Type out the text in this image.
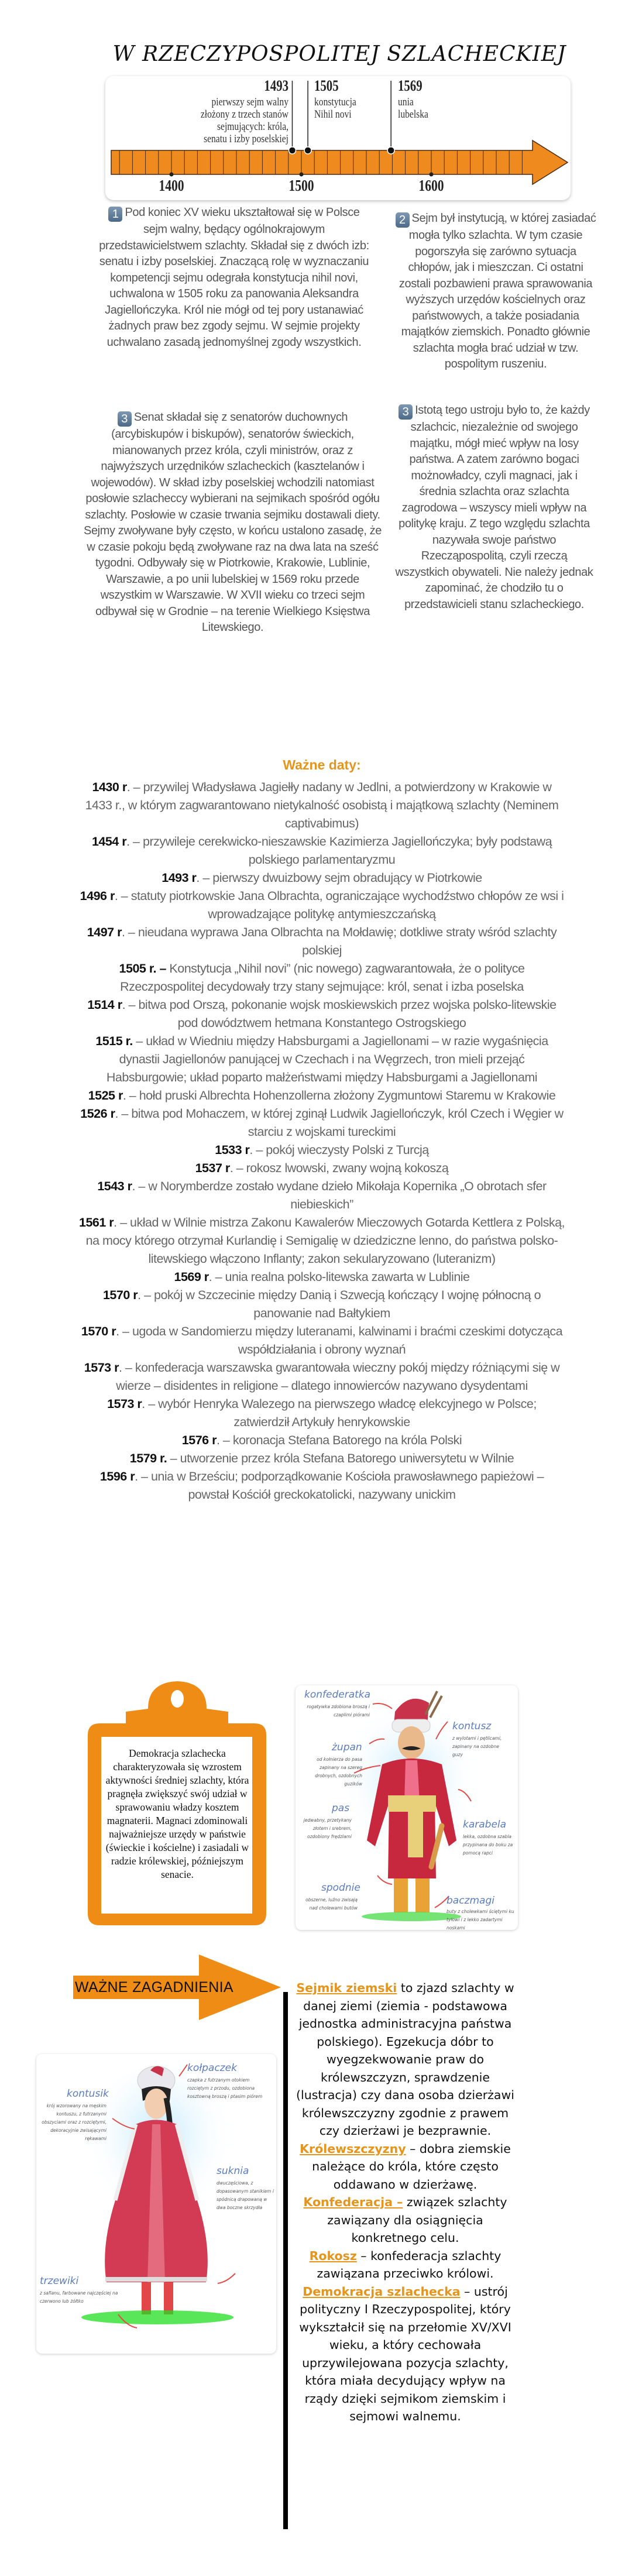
W RZECZYPOSPOLITEJ SZLACHECKIEJ
1493
pierwszy sejm walny
złożony z trzech stanów
sejmujących: króla,
senatu i izby poselskiej
1505
konstytucja
Nihil novi
1569
unia
lubelska
1400	1500	1600
1 Pod koniec XV wieku ukształtował się w Polsce sejm walny, będący ogólnokrajowym przedstawicielstwem szlachty. Składał się z dwóch izb: senatu i izby poselskiej. Znaczącą rolę w wyznaczaniu kompetencji sejmu odegrała konstytucja nihil novi, uchwalona w 1505 roku za panowania Aleksandra Jagiellończyka. Król nie mógł od tej pory ustanawiać żadnych praw bez zgody sejmu. W sejmie projekty uchwalano zasadą jednomyślnej zgody wszystkich.
2 Sejm był instytucją, w której zasiadać mogła tylko szlachta. W tym czasie pogorszyła się zarówno sytuacja chłopów, jak i mieszczan. Ci ostatni zostali pozbawieni prawa sprawowania wyższych urzędów kościelnych oraz państwowych, a także posiadania majątków ziemskich. Ponadto głównie szlachta mogła brać udział w tzw. pospolitym ruszeniu.
3 Senat składał się z senatorów duchownych (arcybiskupów i biskupów), senatorów świeckich, mianowanych przez króla, czyli ministrów, oraz z najwyższych urzędników szlacheckich (kasztelanów i wojewodów). W skład izby poselskiej wchodzili natomiast posłowie szlacheccy wybierani na sejmikach spośród ogółu szlachty. Posłowie w czasie trwania sejmiku dostawali diety. Sejmy zwoływane były często, w końcu ustalono zasadę, że w czasie pokoju będą zwoływane raz na dwa lata na sześć tygodni. Odbywały się w Piotrkowie, Krakowie, Lublinie, Warszawie, a po unii lubelskiej w 1569 roku przede wszystkim w Warszawie. W XVII wieku co trzeci sejm odbywał się w Grodnie – na terenie Wielkiego Księstwa Litewskiego.
3 Istotą tego ustroju było to, że każdy szlachcic, niezależnie od swojego majątku, mógł mieć wpływ na losy państwa. A zatem zarówno bogaci możnowładcy, czyli magnaci, jak i średnia szlachta oraz szlachta zagrodowa – wszyscy mieli wpływ na politykę kraju. Z tego względu szlachta nazywała swoje państwo Rzecząpospolitą, czyli rzeczą wszystkich obywateli. Nie należy jednak zapominać, że chodziło tu o przedstawicieli stanu szlacheckiego.
Ważne daty:
1430 r. – przywilej Władysława Jagiełły nadany w Jedlni, a potwierdzony w Krakowie w 1433 r., w którym zagwarantowano nietykalność osobistą i majątkową szlachty (Neminem captivabimus)
1454 r. – przywileje cerekwicko-nieszawskie Kazimierza Jagiellończyka; były podstawą polskiego parlamentaryzmu
1493 r. – pierwszy dwuizbowy sejm obradujący w Piotrkowie
1496 r. – statuty piotrkowskie Jana Olbrachta, ograniczające wychodźstwo chłopów ze wsi i wprowadzające politykę antymieszczańską
1497 r. – nieudana wyprawa Jana Olbrachta na Mołdawię; dotkliwe straty wśród szlachty polskiej
1505 r. – Konstytucja „Nihil novi” (nic nowego) zagwarantowała, że o polityce Rzeczpospolitej decydowały trzy stany sejmujące: król, senat i izba poselska
1514 r. – bitwa pod Orszą, pokonanie wojsk moskiewskich przez wojska polsko-litewskie pod dowództwem hetmana Konstantego Ostrogskiego
1515 r. – układ w Wiedniu między Habsburgami a Jagiellonami – w razie wygaśnięcia dynastii Jagiellonów panującej w Czechach i na Węgrzech, tron mieli przejąć Habsburgowie; układ poparto małżeństwami między Habsburgami a Jagiellonami
1525 r. – hołd pruski Albrechta Hohenzollerna złożony Zygmuntowi Staremu w Krakowie
1526 r. – bitwa pod Mohaczem, w której zginął Ludwik Jagiellończyk, król Czech i Węgier w starciu z wojskami tureckimi
1533 r. – pokój wieczysty Polski z Turcją
1537 r. – rokosz lwowski, zwany wojną kokoszą
1543 r. – w Norymberdze zostało wydane dzieło Mikołaja Kopernika „O obrotach sfer niebieskich”
1561 r. – układ w Wilnie mistrza Zakonu Kawalerów Mieczowych Gotarda Kettlera z Polską, na mocy którego otrzymał Kurlandię i Semigalię w dziedziczne lenno, do państwa polsko-litewskiego włączono Inflanty; zakon sekularyzowano (luteranizm)
1569 r. – unia realna polsko-litewska zawarta w Lublinie
1570 r. – pokój w Szczecinie między Danią i Szwecją kończący I wojnę północną o panowanie nad Bałtykiem
1570 r. – ugoda w Sandomierzu między luteranami, kalwinami i braćmi czeskimi dotycząca współdziałania i obrony wyznań
1573 r. – konfederacja warszawska gwarantowała wieczny pokój między różniącymi się w wierze – disidentes in religione – dlatego innowierców nazywano dysydentami
1573 r. – wybór Henryka Walezego na pierwszego władcę elekcyjnego w Polsce; zatwierdził Artykuły henrykowskie
1576 r. – koronacja Stefana Batorego na króla Polski
1579 r. – utworzenie przez króla Stefana Batorego uniwersytetu w Wilnie
1596 r. – unia w Brześciu; podporządkowanie Kościoła prawosławnego papieżowi – powstał Kościół greckokatolicki, nazywany unickim
Demokracja szlachecka charakteryzowała się wzrostem aktywności średniej szlachty, która pragnęła zwiększyć swój udział w sprawowaniu władzy kosztem magnaterii. Magnaci zdominowali najważniejsze urzędy w państwie (świeckie i kościelne) i zasiadali w radzie królewskiej, późniejszym senacie.
konfederatka
rogatywka zdobiona broszą i czaplimi piórami
kontusz
z wylotami i pętlicami, zapinany na ozdobne guzy
żupan
od kołnierza do pasa zapinany na szereg drobnych, ozdobnych guzików
pas
jedwabny, przetykany złotem i srebrem, ozdobiony frędzlami
karabela
lekka, ozdobna szabla przypinana do boku za pomocą rapci
spodnie
obszerne, luźno zwisają nad cholewami butów
baczmagi
buty z cholewkami ściętymi ku tyłowi i z lekko zadartymi noskami
WAŻNE ZAGADNIENIA
kołpaczek
czapka z futrzanym otokiem rozciętym z przodu, ozdobiona kosztowną broszą i ptasim piórem
kontusik
krój wzorowany na męskim kontuszu, z futrzanymi obszyciami oraz z rozciętymi, dekoracyjnie zwisającymi rękawami
suknia
dwuczęściowa, z dopasowanym stanikiem i spódnicą drapowaną w dwa boczne skrzydła
trzewiki
z safianu, farbowane najczęściej na czerwono lub żółtko
Sejmik ziemski to zjazd szlachty w danej ziemi (ziemia - podstawowa jednostka administracyjna państwa polskiego). Egzekucja dóbr to wyegzekwowanie praw do królewszczyzn, sprawdzenie (lustracja) czy dana osoba dzierżawi królewszczyzny zgodnie z prawem czy dzierżawi je bezprawnie.
Królewszczyzny – dobra ziemskie należące do króla, które często oddawano w dzierżawę.
Konfederacja – związek szlachty zawiązany dla osiągnięcia konkretnego celu.
Rokosz – konfederacja szlachty zawiązana przeciwko królowi.
Demokracja szlachecka – ustrój polityczny I Rzeczypospolitej, który wykształcił się na przełomie XV/XVI wieku, a który cechowała uprzywilejowana pozycja szlachty, która miała decydujący wpływ na rządy dzięki sejmikom ziemskim i sejmowi walnemu.
